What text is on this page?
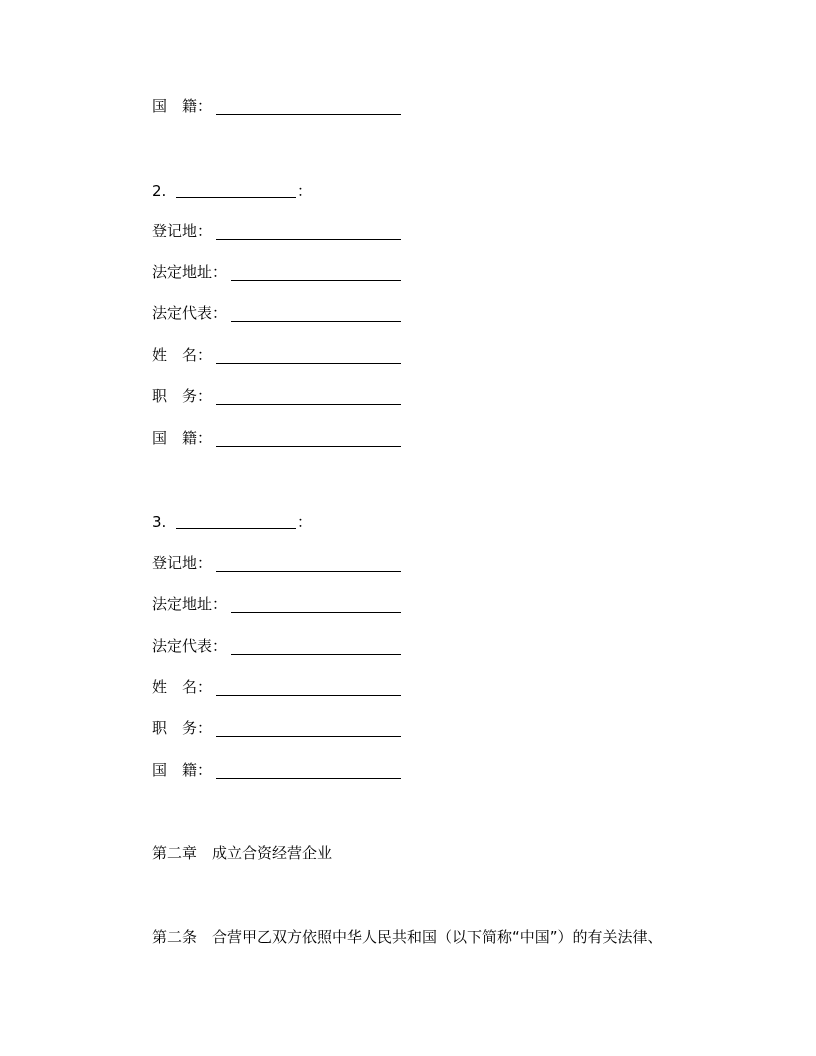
国　籍：
2.	：
登记地：
法定地址：
法定代表：
姓　名：
职　务：
国　籍：
3.	：
登记地：
法定地址：
法定代表：
姓　名：
职　务：
国　籍：
第二章　成立合资经营企业
第二条　合营甲乙双方依照中华人民共和国（以下简称“中国”）的有关法律、
